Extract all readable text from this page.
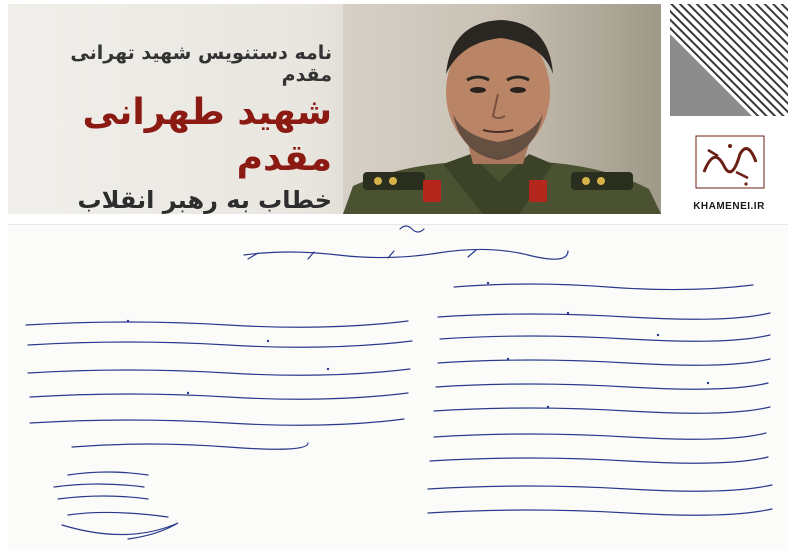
نامه دستنویس شهید تهرانی مقدم
شهید طهرانی مقدم
خطاب به رهبر انقلاب	KHAMENEI.IR
